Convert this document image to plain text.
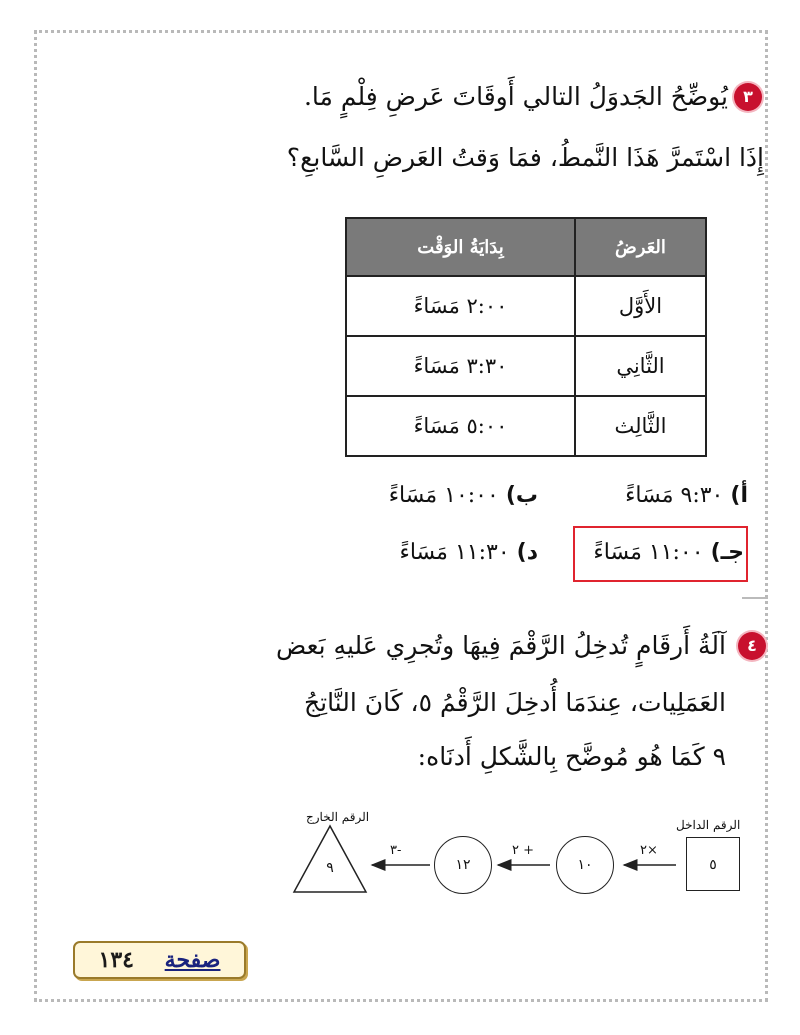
٣
يُوضِّحُ الجَدوَلُ التالي أَوقَاتَ عَرضِ فِلْمٍ مَا.
إِذَا اسْتَمرَّ هَذَا النَّمطُ، فمَا وَقتُ العَرضِ السَّابعِ؟
العَرضُ	بِدَايَةُ الوَقْت
الأَوَّل	٢:٠٠ مَسَاءً
الثَّانِي	٣:٣٠ مَسَاءً
الثَّالِث	٥:٠٠ مَسَاءً
أ) ٩:٣٠ مَسَاءً
ب) ١٠:٠٠ مَسَاءً
جـ) ١١:٠٠ مَسَاءً
د) ١١:٣٠ مَسَاءً
٤
آلَةُ أَرقَامٍ تُدخِلُ الرَّقْمَ فِيهَا وتُجرِي عَليهِ بَعض
العَمَلِيات، عِندَمَا أُدخِلَ الرَّقْمُ ٥، كَانَ النَّاتِجُ
٩ كَمَا هُو مُوضَّح بِالشَّكلِ أَدنَاه:
الرقم الداخل
الرقم الخارج
٥
٢×
١٠
٢ +
١٢
٣-
٩
صفحة    ١٣٤
